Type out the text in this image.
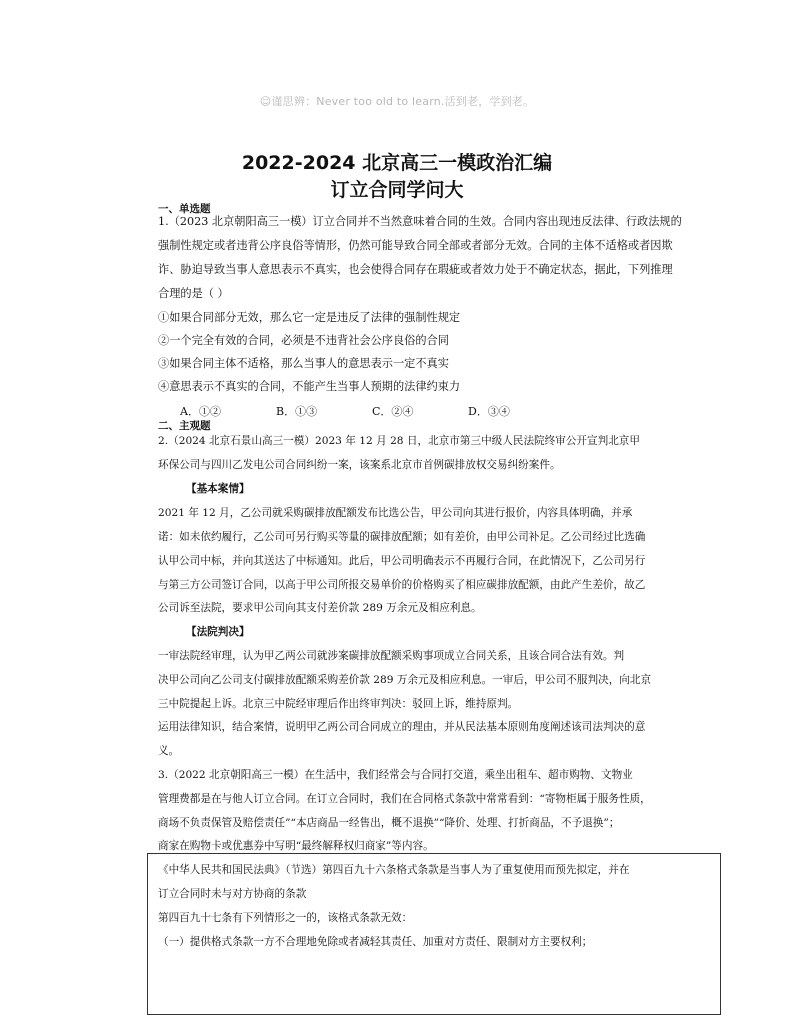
☺谨思辨：Never too old to learn.活到老，学到老。
2022-2024 北京高三一模政治汇编
订立合同学问大
一、单选题
1.（2023 北京朝阳高三一模）订立合同并不当然意味着合同的生效。合同内容出现违反法律、行政法规的
强制性规定或者违背公序良俗等情形，仍然可能导致合同全部或者部分无效。合同的主体不适格或者因欺
诈、胁迫导致当事人意思表示不真实，也会使得合同存在瑕疵或者效力处于不确定状态，据此，下列推理
合理的是（ ）
①如果合同部分无效，那么它一定是违反了法律的强制性规定
②一个完全有效的合同，必须是不违背社会公序良俗的合同
③如果合同主体不适格，那么当事人的意思表示一定不真实
④意思表示不真实的合同，不能产生当事人预期的法律约束力
A．①②	B．①③	C．②④	D．③④
二、主观题
2.（2024 北京石景山高三一模）2023 年 12 月 28 日，北京市第三中级人民法院终审公开宣判北京甲
环保公司与四川乙发电公司合同纠纷一案，该案系北京市首例碳排放权交易纠纷案件。
【基本案情】
2021 年 12 月，乙公司就采购碳排放配额发布比选公告，甲公司向其进行报价，内容具体明确，并承
诺：如未依约履行，乙公司可另行购买等量的碳排放配额；如有差价，由甲公司补足。乙公司经过比选确
认甲公司中标，并向其送达了中标通知。此后，甲公司明确表示不再履行合同，在此情况下，乙公司另行
与第三方公司签订合同，以高于甲公司所报交易单价的价格购买了相应碳排放配额，由此产生差价，故乙
公司诉至法院，要求甲公司向其支付差价款 289 万余元及相应利息。
【法院判决】
一审法院经审理，认为甲乙两公司就涉案碳排放配额采购事项成立合同关系，且该合同合法有效。判
决甲公司向乙公司支付碳排放配额采购差价款 289 万余元及相应利息。一审后，甲公司不服判决，向北京
三中院提起上诉。北京三中院经审理后作出终审判决：驳回上诉，维持原判。
运用法律知识，结合案情，说明甲乙两公司合同成立的理由，并从民法基本原则角度阐述该司法判决的意
义。
3.（2022 北京朝阳高三一模）在生活中，我们经常会与合同打交道，乘坐出租车、超市购物、文物业
管理费都是在与他人订立合同。在订立合同时，我们在合同格式条款中常常看到：“寄物柜属于服务性质，
商场不负责保管及赔偿责任”“本店商品一经售出，概不退换”“降价、处理、打折商品，不予退换”；
商家在购物卡或优惠券中写明“最终解释权归商家”等内容。
《中华人民共和国民法典》（节选）第四百九十六条格式条款是当事人为了重复使用而预先拟定，并在
订立合同时未与对方协商的条款
第四百九十七条有下列情形之一的，该格式条款无效：
（一）提供格式条款一方不合理地免除或者减轻其责任、加重对方责任、限制对方主要权利；
